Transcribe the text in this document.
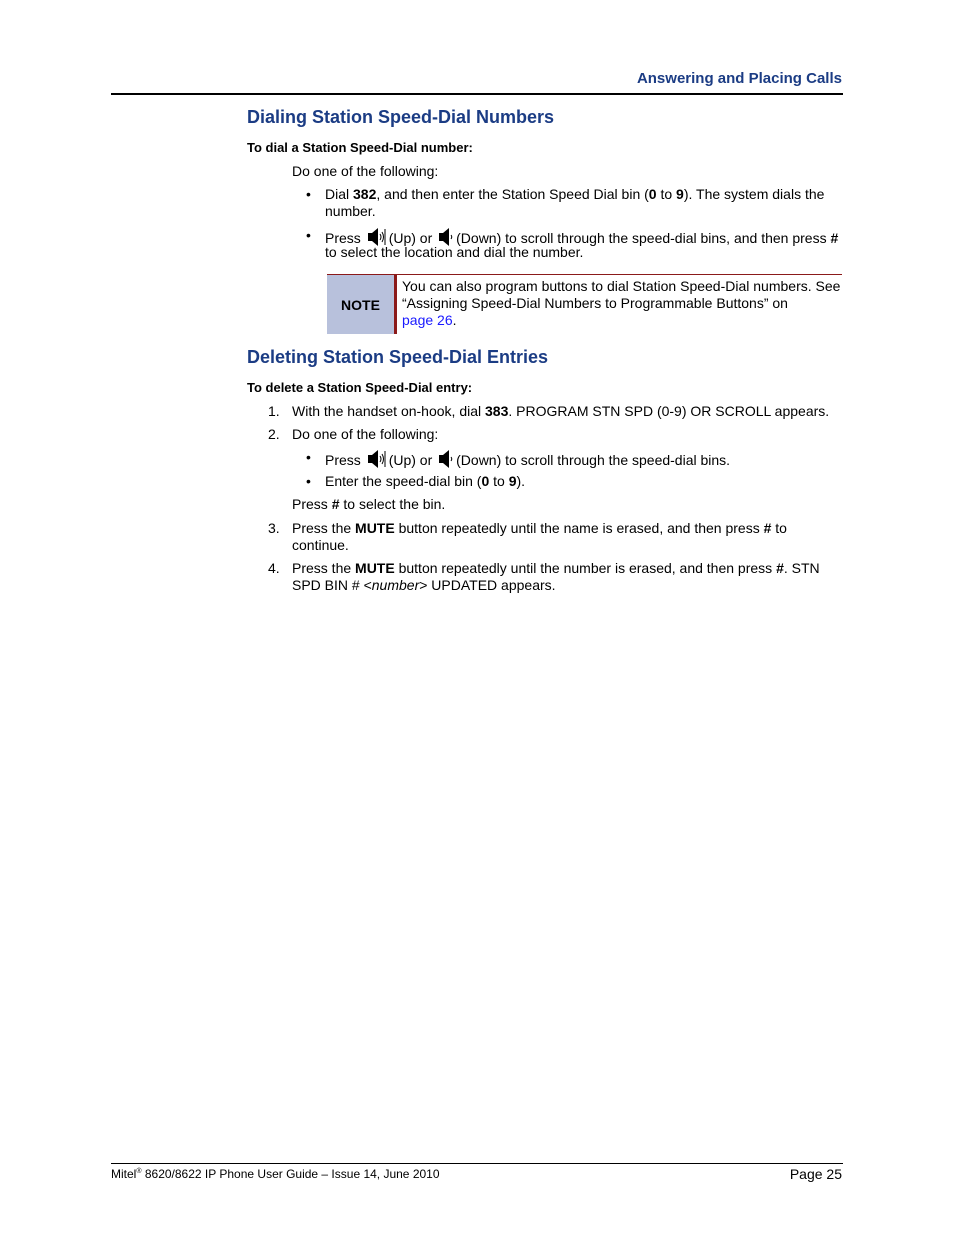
Answering and Placing Calls
Dialing Station Speed-Dial Numbers
To dial a Station Speed-Dial number:
Do one of the following:
• Dial 382, and then enter the Station Speed Dial bin (0 to 9). The system dials the
number.
• Press (Up) or (Down) to scroll through the speed-dial bins, and then press #
to select the location and dial the number.
NOTE
You can also program buttons to dial Station Speed-Dial numbers. See
“Assigning Speed-Dial Numbers to Programmable Buttons” on
page 26.
Deleting Station Speed-Dial Entries
To delete a Station Speed-Dial entry:
1. With the handset on-hook, dial 383. PROGRAM STN SPD (0-9) OR SCROLL appears.
2. Do one of the following:
• Press (Up) or (Down) to scroll through the speed-dial bins.
• Enter the speed-dial bin (0 to 9).
Press # to select the bin.
3. Press the MUTE button repeatedly until the name is erased, and then press # to
continue.
4. Press the MUTE button repeatedly until the number is erased, and then press #. STN
SPD BIN # <number> UPDATED appears.
Mitel® 8620/8622 IP Phone User Guide – Issue 14, June 2010	Page 25
